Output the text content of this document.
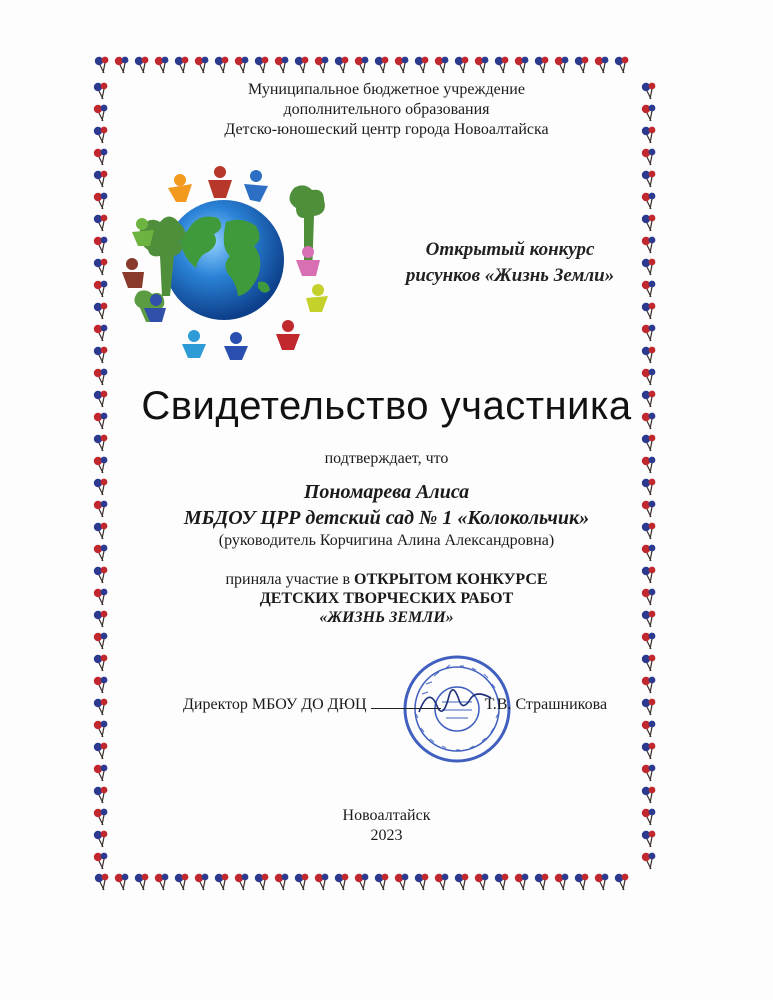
Муниципальное бюджетное учреждение
дополнительного образования
Детско-юношеский центр города Новоалтайска
Открытый конкурс
рисунков «Жизнь Земли»
Свидетельство участника
подтверждает, что
Пономарева Алиса
МБДОУ ЦРР детский сад № 1 «Колокольчик»
(руководитель Корчигина Алина Александровна)
приняла участие в ОТКРЫТОМ КОНКУРСЕ
ДЕТСКИХ ТВОРЧЕСКИХ РАБОТ
«ЖИЗНЬ ЗЕМЛИ»
Директор МБОУ ДО ДЮЦ	Т.В. Страшникова
Новоалтайск
2023
